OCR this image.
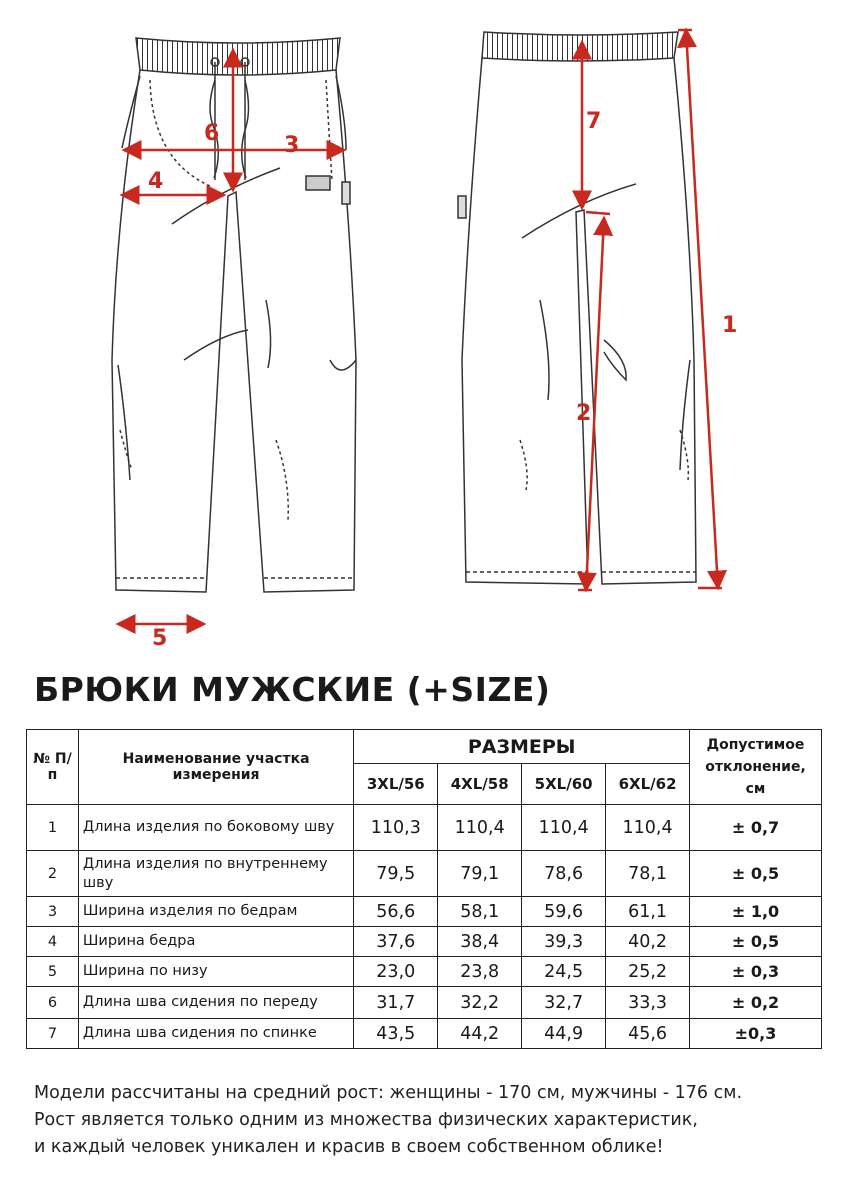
1
2
3
4
5
6	7
БРЮКИ МУЖСКИЕ (+SIZE)
№ П/п	Наименование участка измерения	РАЗМЕРЫ				Допустимое отклонение, см
		3XL/56	4XL/58	5XL/60	6XL/62	
1	Длина изделия по боковому шву	110,3	110,4	110,4	110,4	± 0,7
2	Длина изделия по внутреннему шву	79,5	79,1	78,6	78,1	± 0,5
3	Ширина изделия по бедрам	56,6	58,1	59,6	61,1	± 1,0
4	Ширина бедра	37,6	38,4	39,3	40,2	± 0,5
5	Ширина по низу	23,0	23,8	24,5	25,2	± 0,3
6	Длина шва сидения по переду	31,7	32,2	32,7	33,3	± 0,2
7	Длина шва сидения по спинке	43,5	44,2	44,9	45,6	±0,3

Модели рассчитаны на средний рост: женщины - 170 см, мужчины - 176 см.

Рост является только одним из множества физических характеристик,

и каждый человек уникален и красив в своем собственном облике!
